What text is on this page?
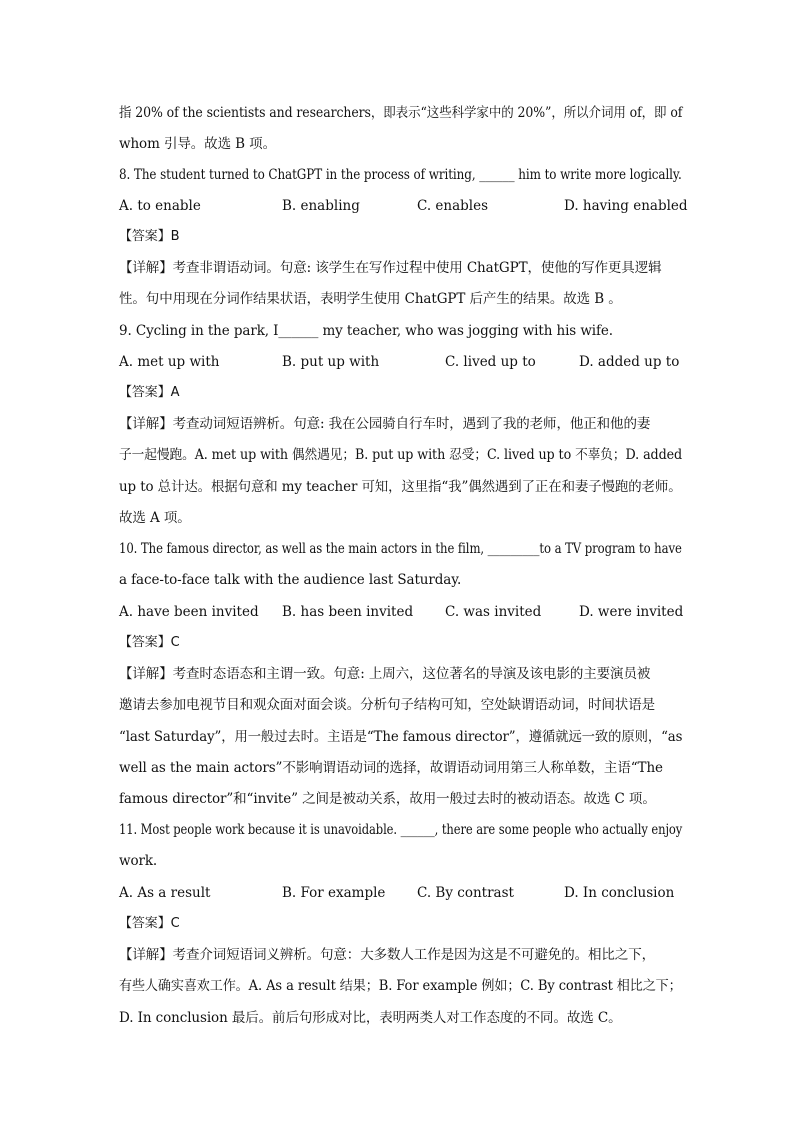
指 20% of the scientists and researchers，即表示“这些科学家中的 20%”，所以介词用 of，即 of
whom 引导。故选 B 项。
8. The student turned to ChatGPT in the process of writing, ______ him to write more logically.
A. to enable	B. enabling	C. enables	D. having enabled
【答案】B
【详解】考查非谓语动词。句意: 该学生在写作过程中使用 ChatGPT，使他的写作更具逻辑
性。句中用现在分词作结果状语，表明学生使用 ChatGPT 后产生的结果。故选 B 。
9. Cycling in the park, I______ my teacher, who was jogging with his wife.
A. met up with	B. put up with	C. lived up to	D. added up to
【答案】A
【详解】考查动词短语辨析。句意: 我在公园骑自行车时，遇到了我的老师，他正和他的妻
子一起慢跑。A. met up with 偶然遇见；B. put up with 忍受；C. lived up to 不辜负；D. added
up to 总计达。根据句意和 my teacher 可知，这里指“我”偶然遇到了正在和妻子慢跑的老师。
故选 A 项。
10. The famous director, as well as the main actors in the film, _________to a TV program to have
a face-to-face talk with the audience last Saturday.
A. have been invited B. has been invited C. was invited	D. were invited
【答案】C
【详解】考查时态语态和主谓一致。句意: 上周六，这位著名的导演及该电影的主要演员被
邀请去参加电视节目和观众面对面会谈。分析句子结构可知，空处缺谓语动词，时间状语是
“last Saturday”，用一般过去时。主语是“The famous director”，遵循就远一致的原则，“as
well as the main actors”不影响谓语动词的选择，故谓语动词用第三人称单数，主语“The
famous director”和“invite” 之间是被动关系，故用一般过去时的被动语态。故选 C 项。
11. Most people work because it is unavoidable. ______, there are some people who actually enjoy
work.
A. As a result	B. For example C. By contrast	D. In conclusion
【答案】C
【详解】考查介词短语词义辨析。句意：大多数人工作是因为这是不可避免的。相比之下，
有些人确实喜欢工作。A. As a result 结果；B. For example 例如；C. By contrast 相比之下；
D. In conclusion 最后。前后句形成对比，表明两类人对工作态度的不同。故选 C。
